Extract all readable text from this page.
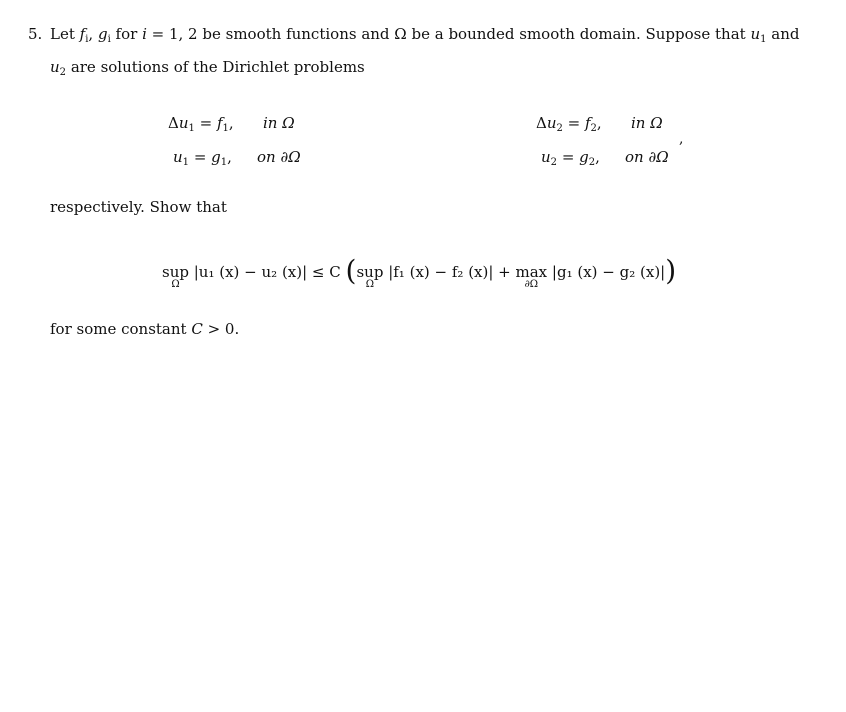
5. Let $f_i$, $g_i$ for i = 1, 2 be smooth functions and Ω be a bounded smooth domain. Suppose that $u_1$ and
$u_2$ are solutions of the Dirichlet problems
$\Delta u_1 = f_1$, in Ω
$u_1 = g_1$, on ∂Ω
$\Delta u_2 = f_2$, in Ω
$u_2 = g_2$, on ∂Ω
,
respectively. Show that
sup
Ω
|u₁ (x) − u₂ (x)| ≤ C (sup
Ω
|f₁ (x) − f₂ (x)| + max
∂Ω
|g₁ (x) − g₂ (x)|)
for some constant C > 0.
